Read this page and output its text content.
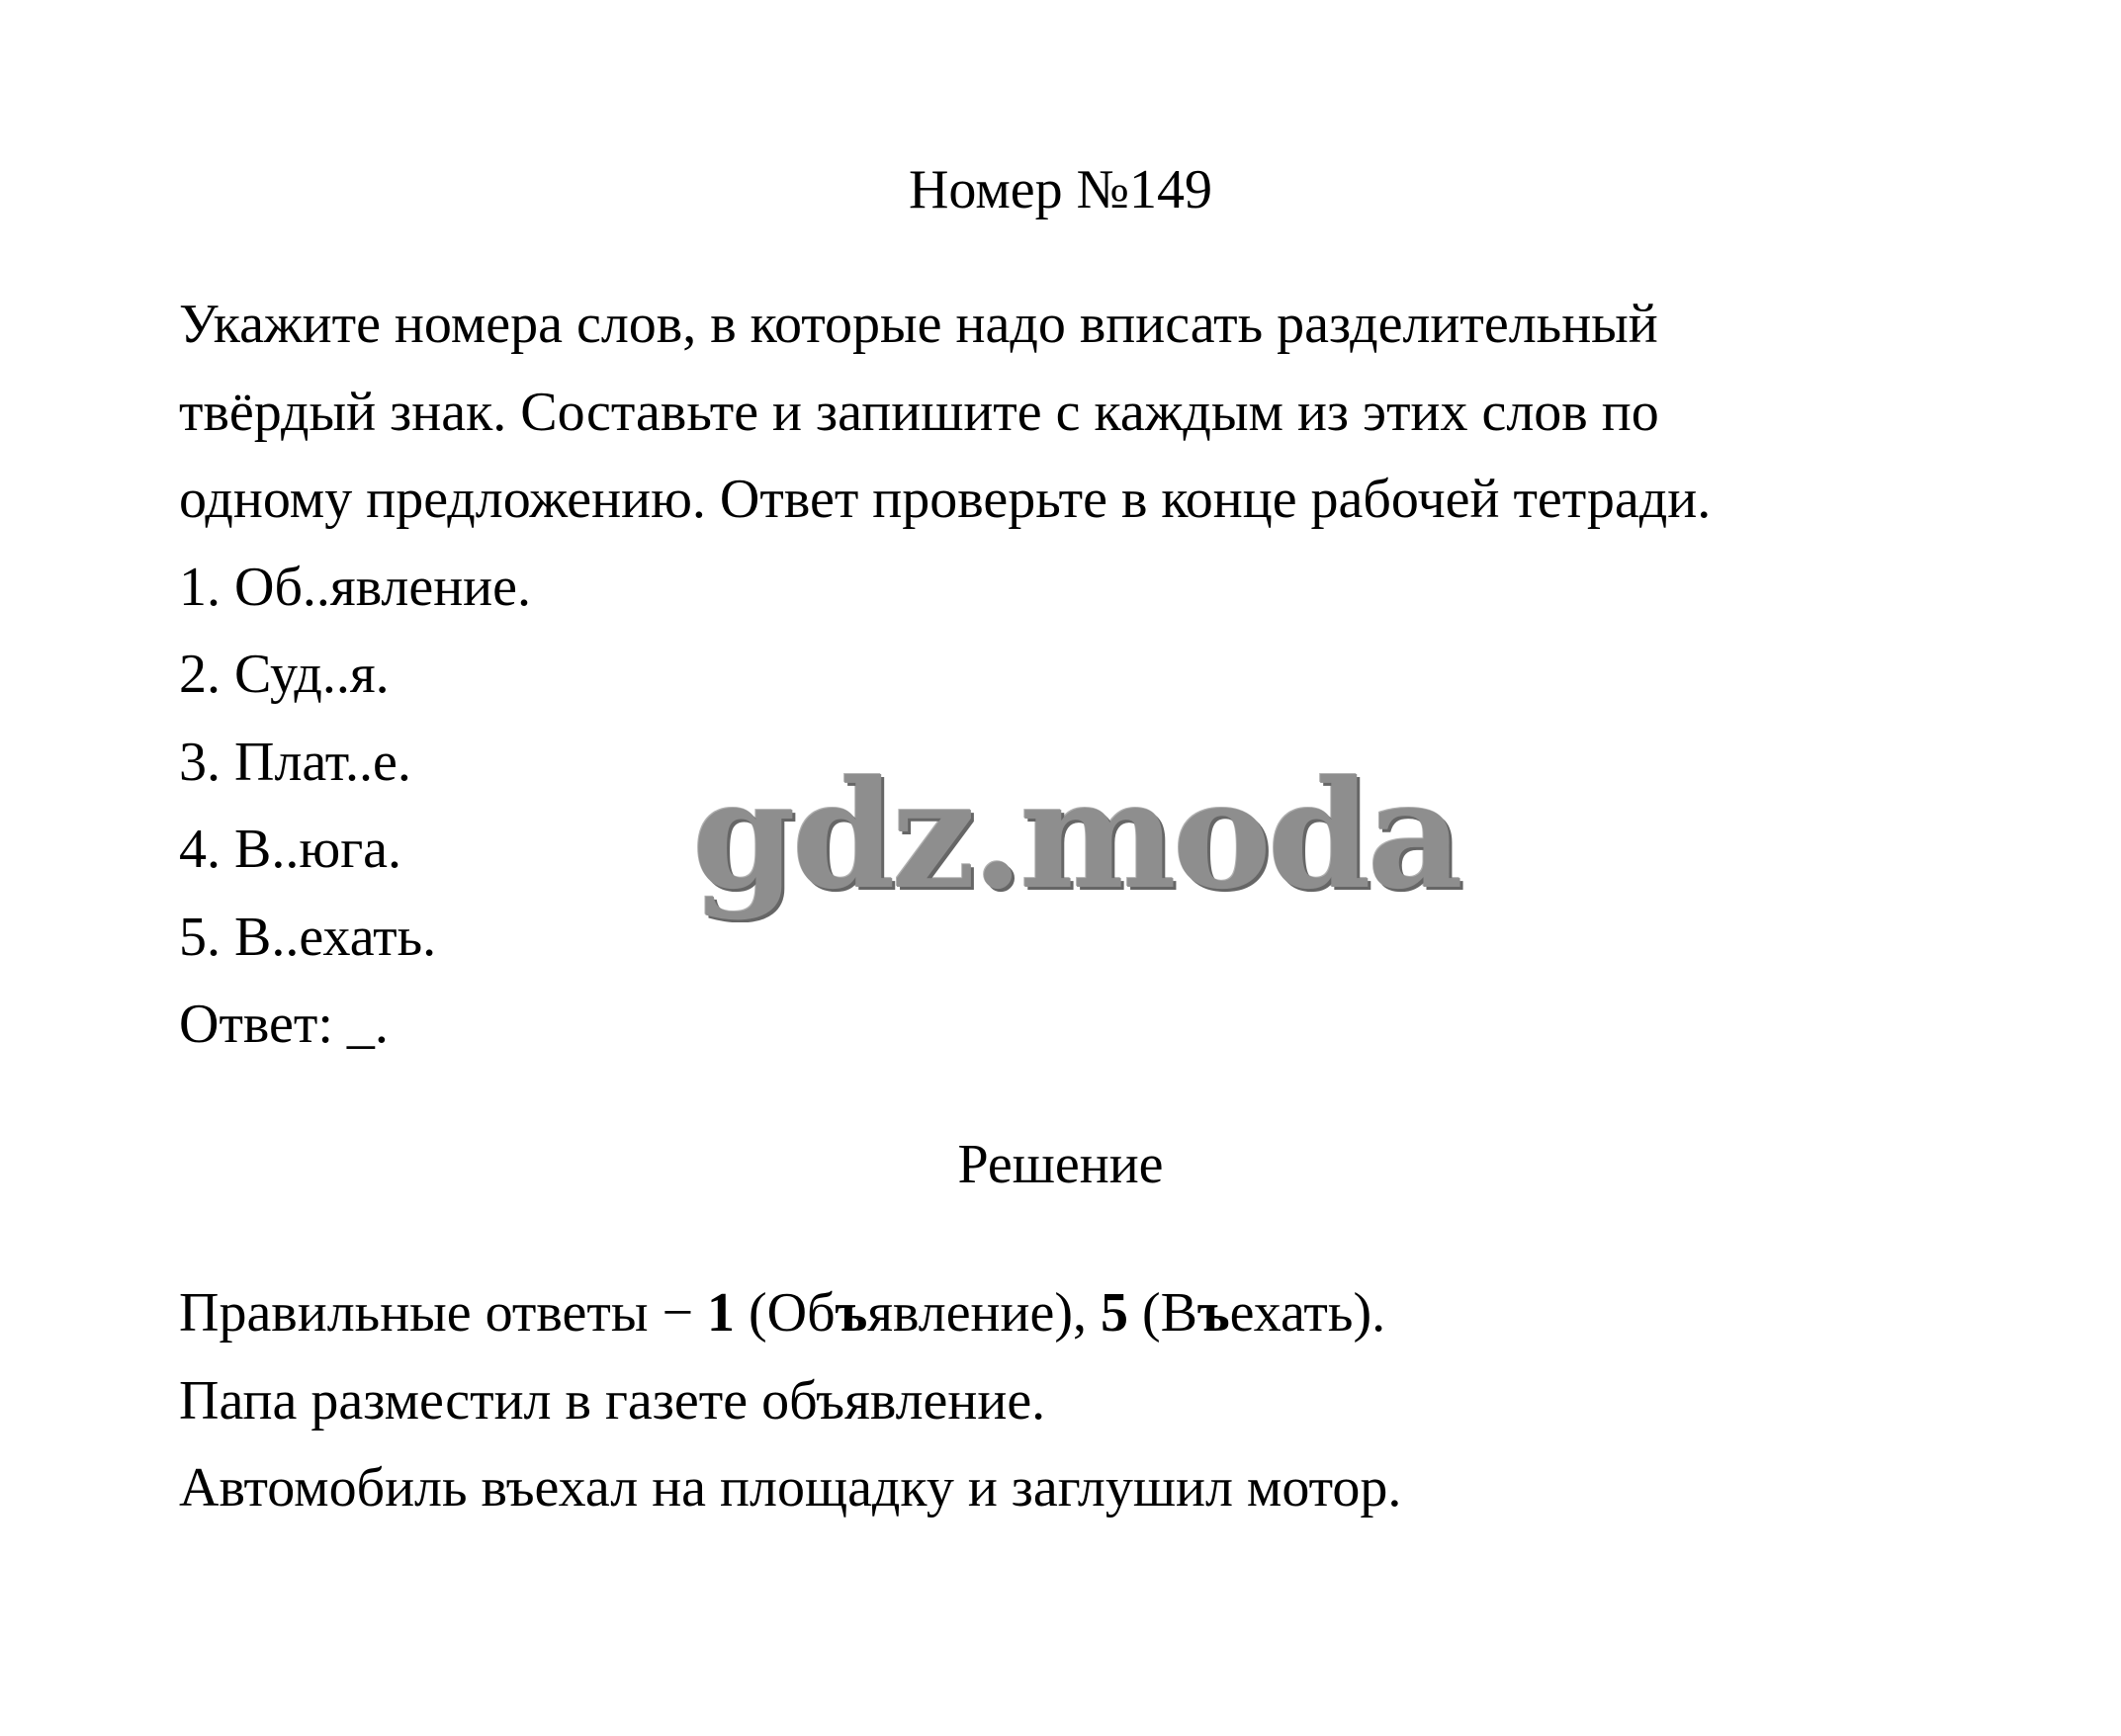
Номер №149
Укажите номера слов, в которые надо вписать разделительный
твёрдый знак. Составьте и запишите с каждым из этих слов по
одному предложению. Ответ проверьте в конце рабочей тетради.
1. Об..явление.
2. Суд..я.
3. Плат..е.
4. В..юга.
5. В..ехать.
Ответ: _.
gdz.moda
Решение
Правильные ответы − 1 (Объявление), 5 (Въехать).
Папа разместил в газете объявление.
Автомобиль въехал на площадку и заглушил мотор.
